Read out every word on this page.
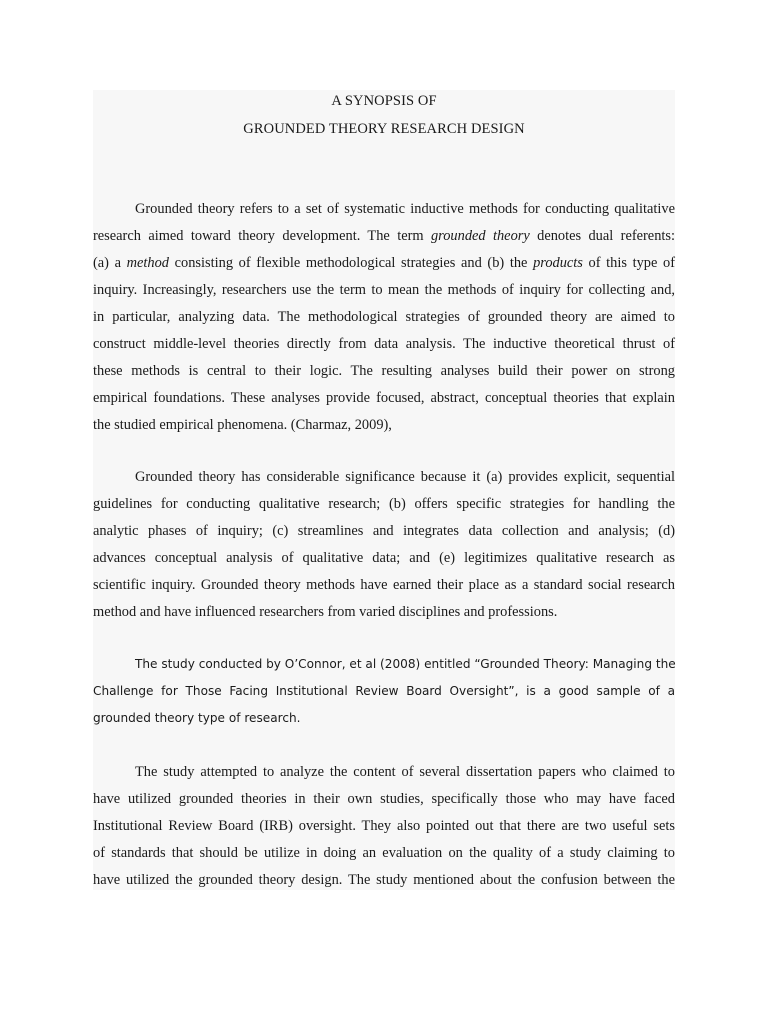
A SYNOPSIS OF
GROUNDED THEORY RESEARCH DESIGN
Grounded theory refers to a set of systematic inductive methods for conducting qualitative
research aimed toward theory development. The term grounded theory denotes dual referents:
(a) a method consisting of flexible methodological strategies and (b) the products of this type of
inquiry. Increasingly, researchers use the term to mean the methods of inquiry for collecting and,
in particular, analyzing data. The methodological strategies of grounded theory are aimed to
construct middle-level theories directly from data analysis. The inductive theoretical thrust of
these methods is central to their logic. The resulting analyses build their power on strong
empirical foundations. These analyses provide focused, abstract, conceptual theories that explain
the studied empirical phenomena. (Charmaz, 2009),
Grounded theory has considerable significance because it (a) provides explicit, sequential
guidelines for conducting qualitative research; (b) offers specific strategies for handling the
analytic phases of inquiry; (c) streamlines and integrates data collection and analysis; (d)
advances conceptual analysis of qualitative data; and (e) legitimizes qualitative research as
scientific inquiry. Grounded theory methods have earned their place as a standard social research
method and have influenced researchers from varied disciplines and professions.
The study conducted by O’Connor, et al (2008) entitled “Grounded Theory: Managing the
Challenge for Those Facing Institutional Review Board Oversight”, is a good sample of a
grounded theory type of research.
The study attempted to analyze the content of several dissertation papers who claimed to
have utilized grounded theories in their own studies, specifically those who may have faced
Institutional Review Board (IRB) oversight. They also pointed out that there are two useful sets
of standards that should be utilize in doing an evaluation on the quality of a study claiming to
have utilized the grounded theory design. The study mentioned about the confusion between the
